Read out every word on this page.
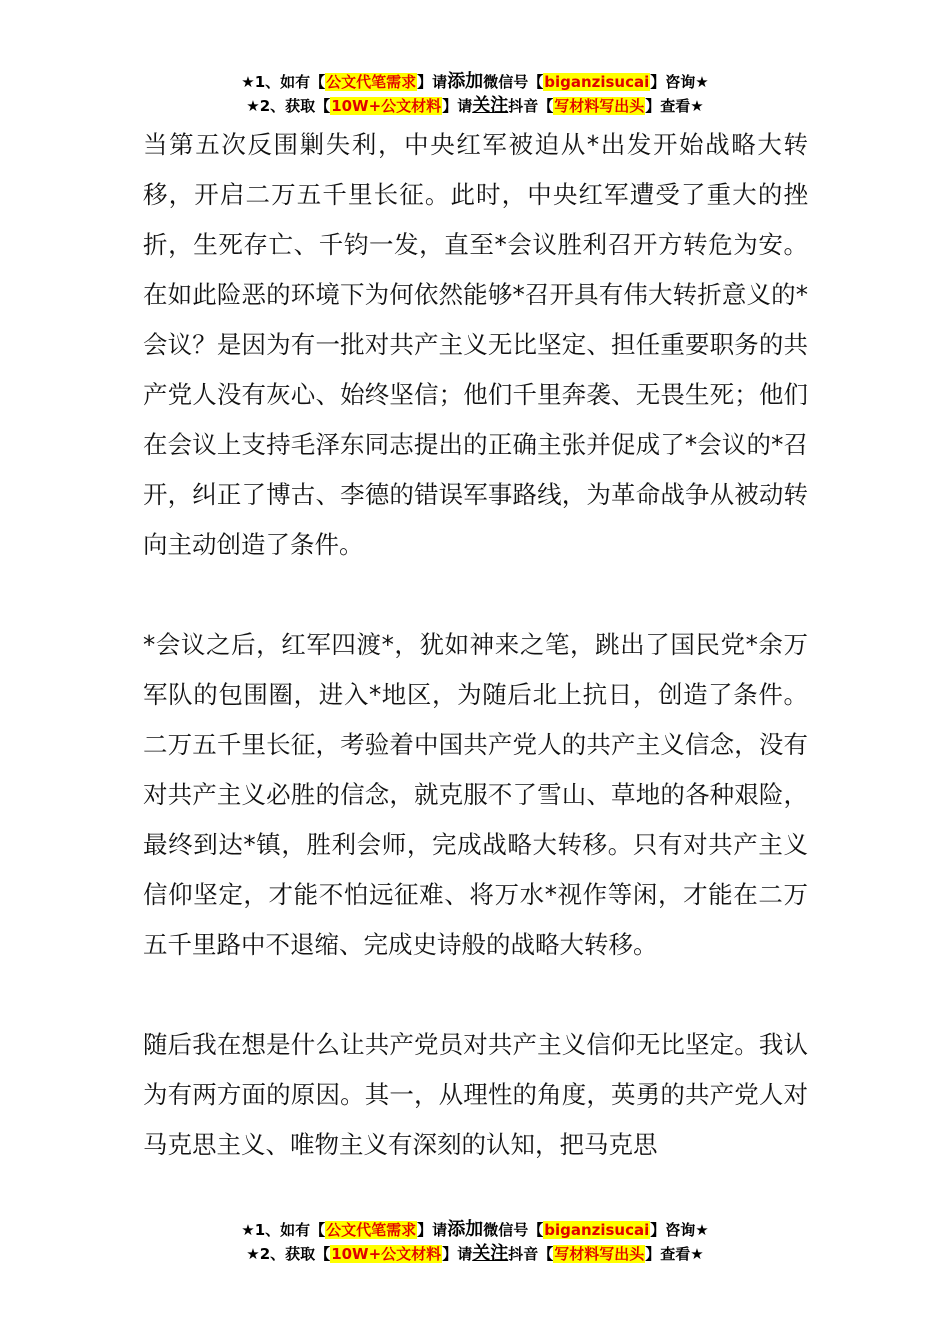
★1、如有【公文代笔需求】请添加微信号【biganzisucai】咨询★
★2、获取【10W+公文材料】请关注抖音【写材料写出头】查看★

当第五次反围剿失利，中央红军被迫从*出发开始战略大转移，开启二万五千里长征。此时，中央红军遭受了重大的挫折，生死存亡、千钧一发，直至*会议胜利召开方转危为安。在如此险恶的环境下为何依然能够*召开具有伟大转折意义的*会议？是因为有一批对共产主义无比坚定、担任重要职务的共产党人没有灰心、始终坚信；他们千里奔袭、无畏生死；他们在会议上支持毛泽东同志提出的正确主张并促成了*会议的*召开，纠正了博古、李德的错误军事路线，为革命战争从被动转向主动创造了条件。

*会议之后，红军四渡*，犹如神来之笔，跳出了国民党*余万军队的包围圈，进入*地区，为随后北上抗日，创造了条件。二万五千里长征，考验着中国共产党人的共产主义信念，没有对共产主义必胜的信念，就克服不了雪山、草地的各种艰险，最终到达*镇，胜利会师，完成战略大转移。只有对共产主义信仰坚定，才能不怕远征难、将万水*视作等闲，才能在二万五千里路中不退缩、完成史诗般的战略大转移。

随后我在想是什么让共产党员对共产主义信仰无比坚定。我认为有两方面的原因。其一，从理性的角度，英勇的共产党人对马克思主义、唯物主义有深刻的认知，把马克思

★1、如有【公文代笔需求】请添加微信号【biganzisucai】咨询★
★2、获取【10W+公文材料】请关注抖音【写材料写出头】查看★
